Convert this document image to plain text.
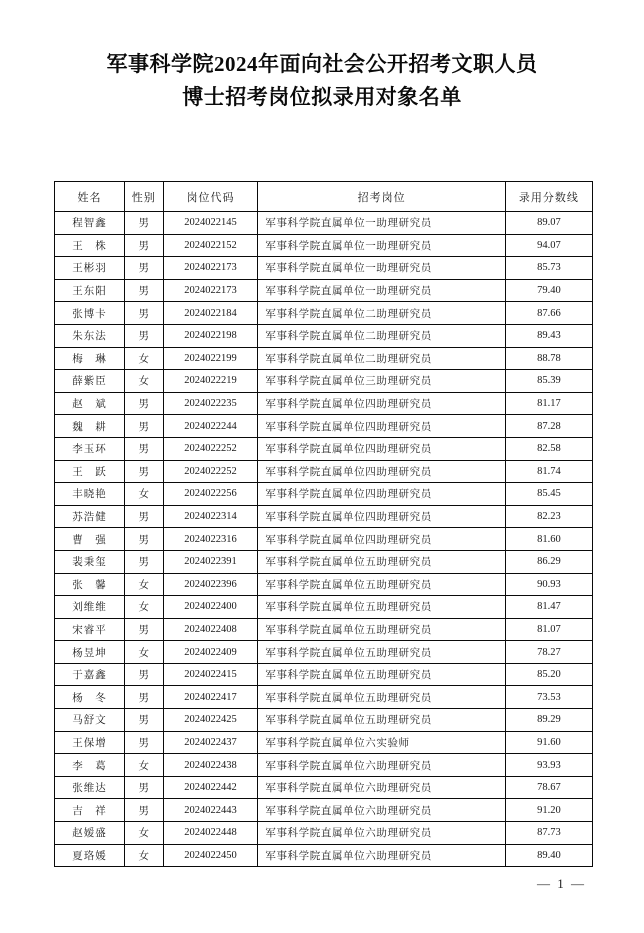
军事科学院2024年面向社会公开招考文职人员
博士招考岗位拟录用对象名单
姓名	性别	岗位代码	招考岗位	录用分数线
程智鑫	男	2024022145	军事科学院直属单位一助理研究员	89.07
王　株	男	2024022152	军事科学院直属单位一助理研究员	94.07
王彬羽	男	2024022173	军事科学院直属单位一助理研究员	85.73
王东阳	男	2024022173	军事科学院直属单位一助理研究员	79.40
张博卡	男	2024022184	军事科学院直属单位二助理研究员	87.66
朱东法	男	2024022198	军事科学院直属单位二助理研究员	89.43
梅　琳	女	2024022199	军事科学院直属单位二助理研究员	88.78
薛紫臣	女	2024022219	军事科学院直属单位三助理研究员	85.39
赵　斌	男	2024022235	军事科学院直属单位四助理研究员	81.17
魏　耕	男	2024022244	军事科学院直属单位四助理研究员	87.28
李玉环	男	2024022252	军事科学院直属单位四助理研究员	82.58
王　跃	男	2024022252	军事科学院直属单位四助理研究员	81.74
丰晓艳	女	2024022256	军事科学院直属单位四助理研究员	85.45
苏浩健	男	2024022314	军事科学院直属单位四助理研究员	82.23
曹　强	男	2024022316	军事科学院直属单位四助理研究员	81.60
裴秉玺	男	2024022391	军事科学院直属单位五助理研究员	86.29
张　馨	女	2024022396	军事科学院直属单位五助理研究员	90.93
刘维维	女	2024022400	军事科学院直属单位五助理研究员	81.47
宋睿平	男	2024022408	军事科学院直属单位五助理研究员	81.07
杨昱坤	女	2024022409	军事科学院直属单位五助理研究员	78.27
于嘉鑫	男	2024022415	军事科学院直属单位五助理研究员	85.20
杨　冬	男	2024022417	军事科学院直属单位五助理研究员	73.53
马舒文	男	2024022425	军事科学院直属单位五助理研究员	89.29
王保增	男	2024022437	军事科学院直属单位六实验师	91.60
李　葛	女	2024022438	军事科学院直属单位六助理研究员	93.93
张维达	男	2024022442	军事科学院直属单位六助理研究员	78.67
吉　祥	男	2024022443	军事科学院直属单位六助理研究员	91.20
赵嫒盛	女	2024022448	军事科学院直属单位六助理研究员	87.73
夏珞媛	女	2024022450	军事科学院直属单位六助理研究员	89.40
— 1 —
